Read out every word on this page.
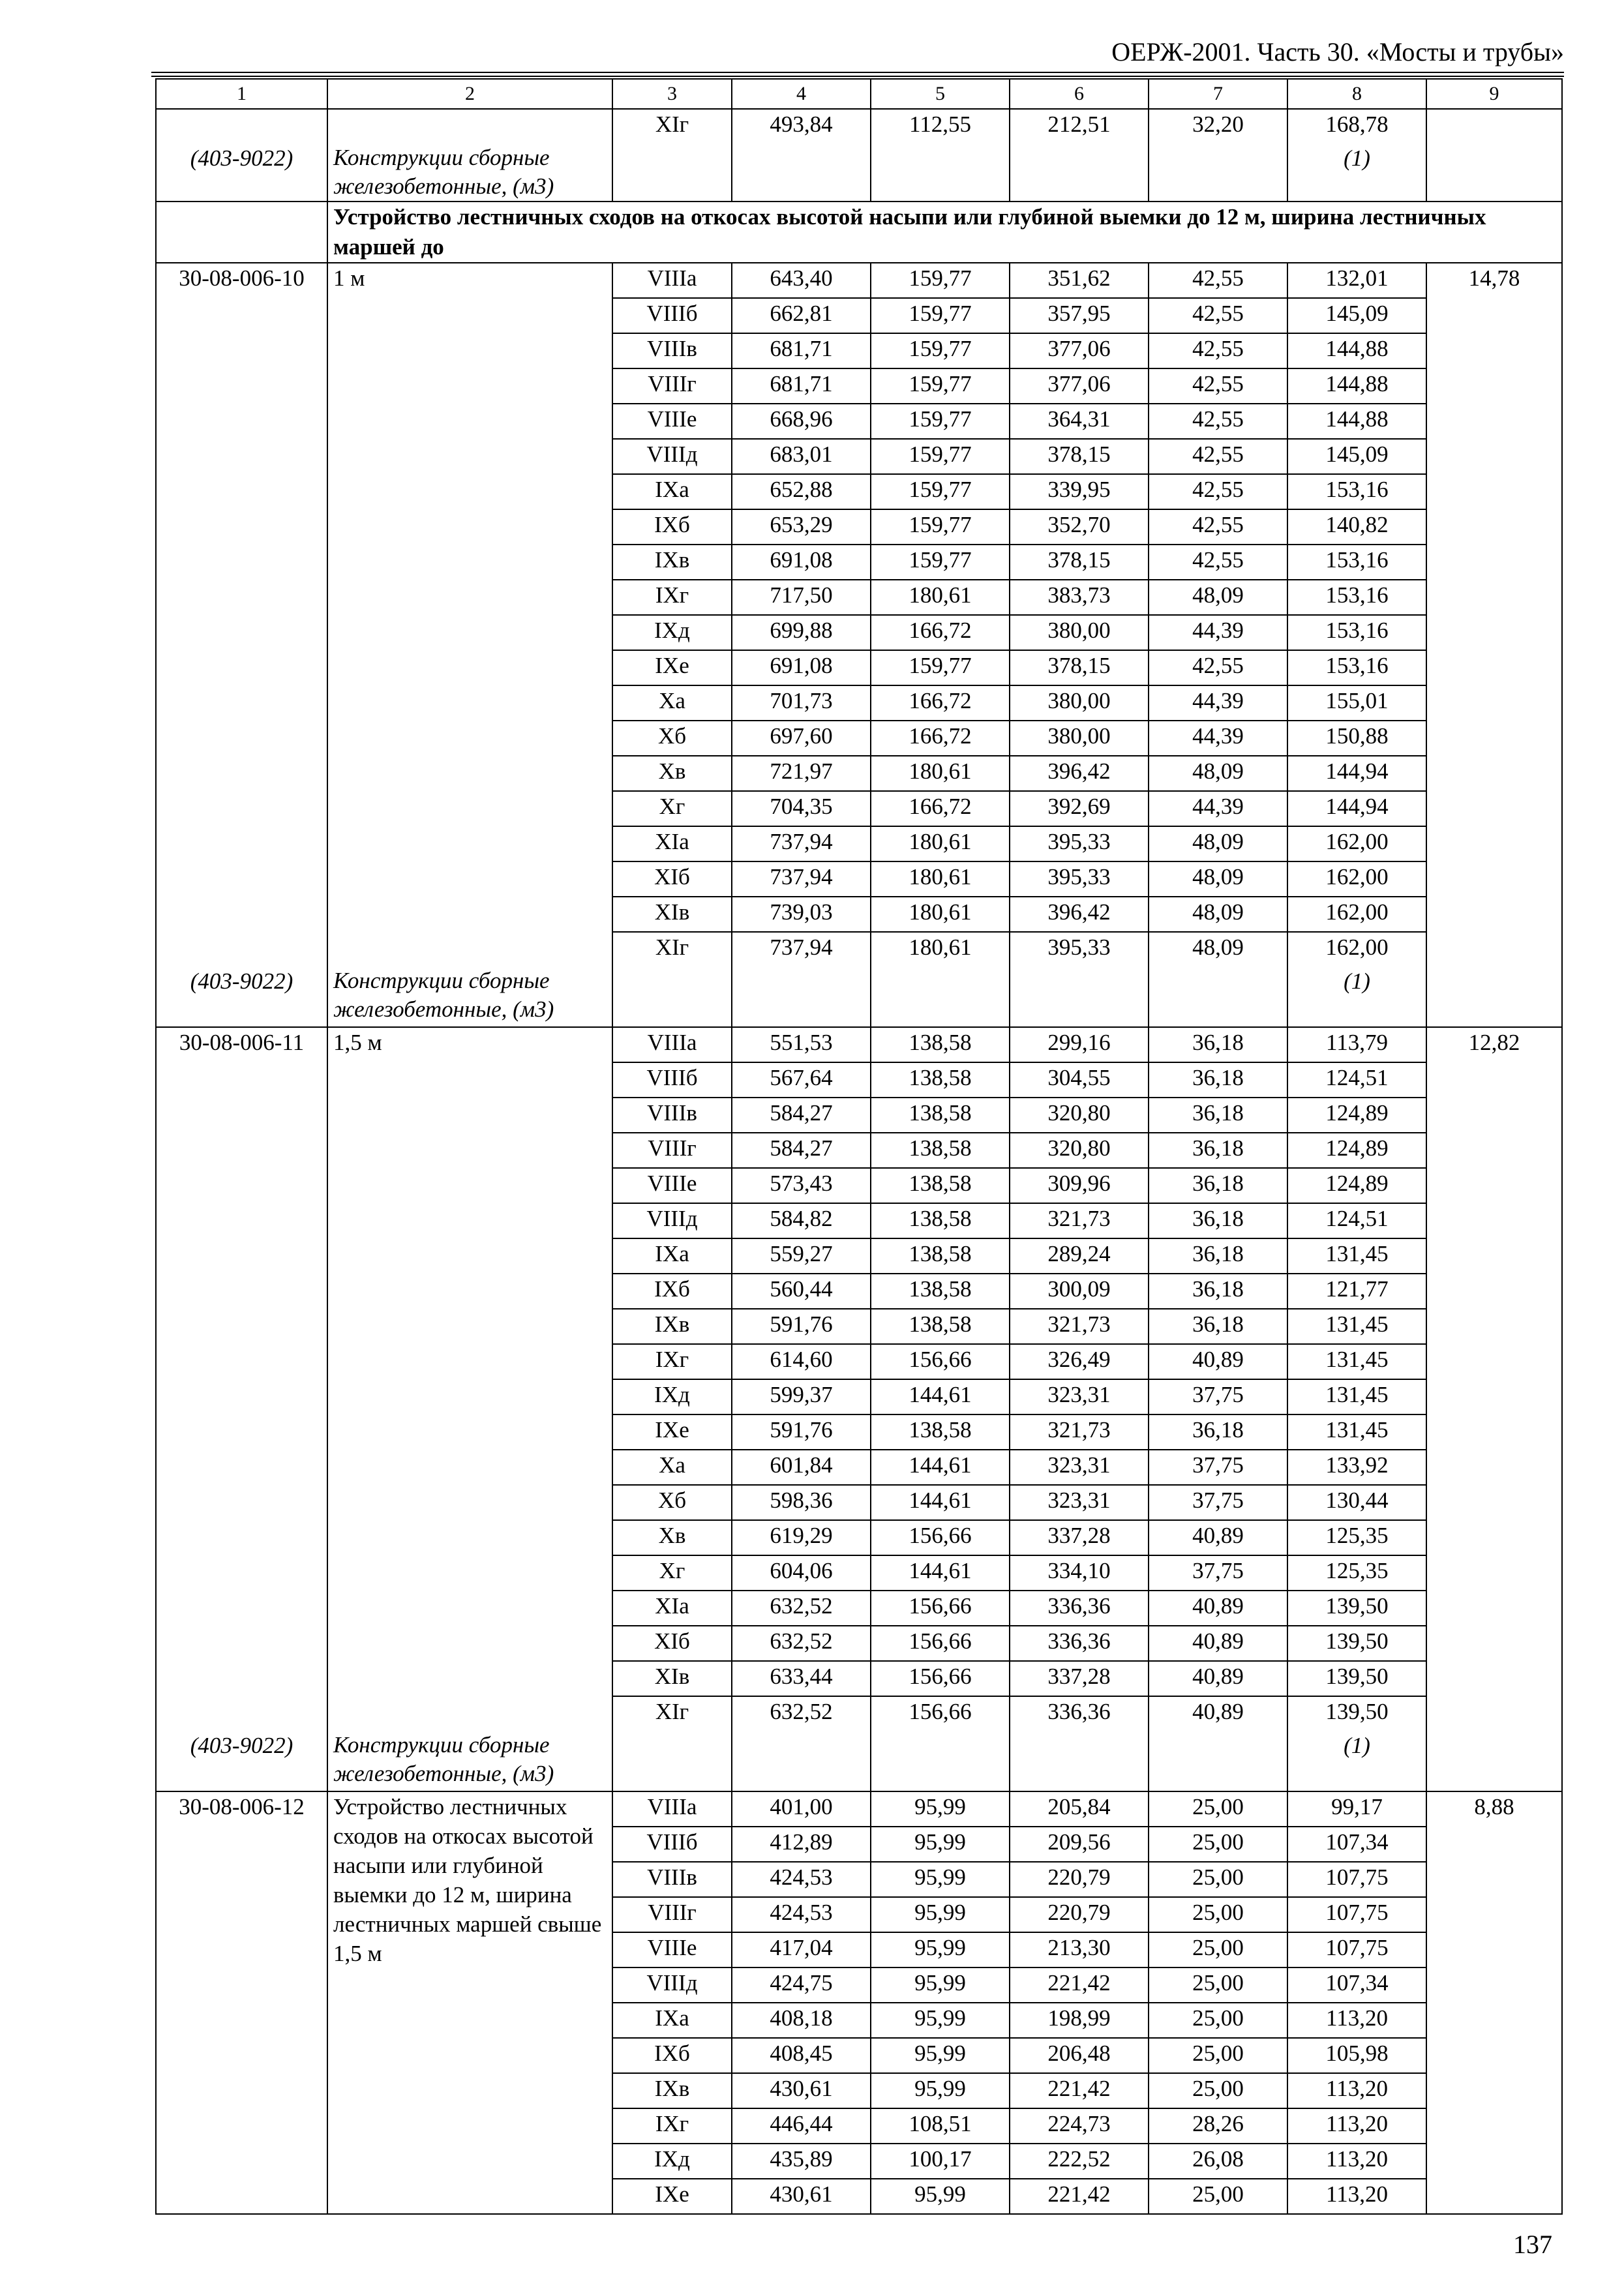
ОЕРЖ-2001. Часть 30. «Мосты и трубы»
1	2	3	4	5	6	7	8	9
		XIг	493,84	112,55	212,51	32,20	168,78	
(403-9022)	Конструкции сборные железобетонные, (м3)						(1)	
	Устройство лестничных сходов на откосах высотой насыпи или глубиной выемки до 12 м, ширина лестничных маршей до							
30-08-006-10	1 м	VIIIа	643,40	159,77	351,62	42,55	132,01	14,78
		VIIIб	662,81	159,77	357,95	42,55	145,09	
		VIIIв	681,71	159,77	377,06	42,55	144,88	
		VIIIг	681,71	159,77	377,06	42,55	144,88	
		VIIIе	668,96	159,77	364,31	42,55	144,88	
		VIIIд	683,01	159,77	378,15	42,55	145,09	
		IXа	652,88	159,77	339,95	42,55	153,16	
		IXб	653,29	159,77	352,70	42,55	140,82	
		IXв	691,08	159,77	378,15	42,55	153,16	
		IXг	717,50	180,61	383,73	48,09	153,16	
		IXд	699,88	166,72	380,00	44,39	153,16	
		IXе	691,08	159,77	378,15	42,55	153,16	
		Xа	701,73	166,72	380,00	44,39	155,01	
		Xб	697,60	166,72	380,00	44,39	150,88	
		Xв	721,97	180,61	396,42	48,09	144,94	
		Xг	704,35	166,72	392,69	44,39	144,94	
		XIа	737,94	180,61	395,33	48,09	162,00	
		XIб	737,94	180,61	395,33	48,09	162,00	
		XIв	739,03	180,61	396,42	48,09	162,00	
		XIг	737,94	180,61	395,33	48,09	162,00	
(403-9022)	Конструкции сборные железобетонные, (м3)						(1)	
30-08-006-11	1,5 м	VIIIа	551,53	138,58	299,16	36,18	113,79	12,82
		VIIIб	567,64	138,58	304,55	36,18	124,51	
		VIIIв	584,27	138,58	320,80	36,18	124,89	
		VIIIг	584,27	138,58	320,80	36,18	124,89	
		VIIIе	573,43	138,58	309,96	36,18	124,89	
		VIIIд	584,82	138,58	321,73	36,18	124,51	
		IXа	559,27	138,58	289,24	36,18	131,45	
		IXб	560,44	138,58	300,09	36,18	121,77	
		IXв	591,76	138,58	321,73	36,18	131,45	
		IXг	614,60	156,66	326,49	40,89	131,45	
		IXд	599,37	144,61	323,31	37,75	131,45	
		IXе	591,76	138,58	321,73	36,18	131,45	
		Xа	601,84	144,61	323,31	37,75	133,92	
		Xб	598,36	144,61	323,31	37,75	130,44	
		Xв	619,29	156,66	337,28	40,89	125,35	
		Xг	604,06	144,61	334,10	37,75	125,35	
		XIа	632,52	156,66	336,36	40,89	139,50	
		XIб	632,52	156,66	336,36	40,89	139,50	
		XIв	633,44	156,66	337,28	40,89	139,50	
		XIг	632,52	156,66	336,36	40,89	139,50	
(403-9022)	Конструкции сборные железобетонные, (м3)						(1)	
30-08-006-12	Устройство лестничных сходов на откосах высотой насыпи или глубиной выемки до 12 м, ширина лестничных маршей свыше 1,5 м	VIIIа	401,00	95,99	205,84	25,00	99,17	8,88
		VIIIб	412,89	95,99	209,56	25,00	107,34	
		VIIIв	424,53	95,99	220,79	25,00	107,75	
		VIIIг	424,53	95,99	220,79	25,00	107,75	
		VIIIе	417,04	95,99	213,30	25,00	107,75	
		VIIIд	424,75	95,99	221,42	25,00	107,34	
		IXа	408,18	95,99	198,99	25,00	113,20	
		IXб	408,45	95,99	206,48	25,00	105,98	
		IXв	430,61	95,99	221,42	25,00	113,20	
		IXг	446,44	108,51	224,73	28,26	113,20	
		IXд	435,89	100,17	222,52	26,08	113,20	
		IXе	430,61	95,99	221,42	25,00	113,20	
137
